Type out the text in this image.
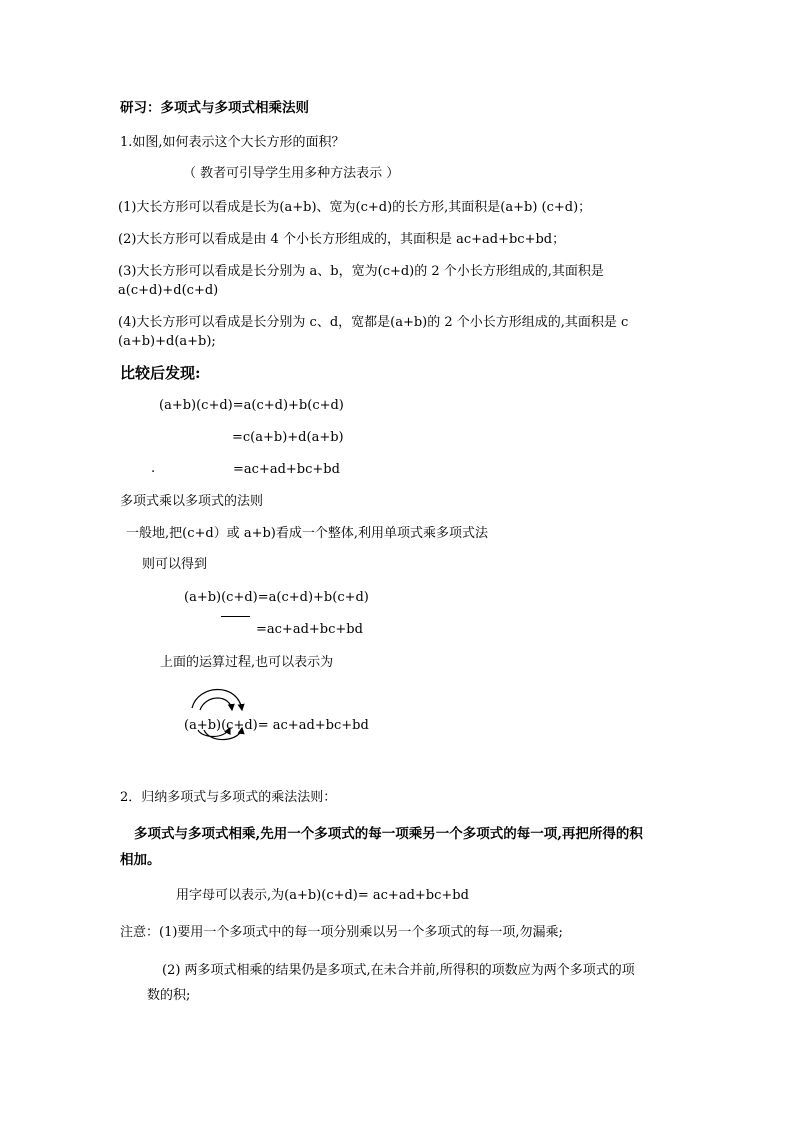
研习：多项式与多项式相乘法则
1.如图,如何表示这个大长方形的面积？
（ 教者可引导学生用多种方法表示 ）
(1)大长方形可以看成是长为(a+b)、宽为(c+d)的长方形,其面积是(a+b) (c+d)；
(2)大长方形可以看成是由 4 个小长方形组成的，其面积是 ac+ad+bc+bd；
(3)大长方形可以看成是长分别为 a、b，宽为(c+d)的 2 个小长方形组成的,其面积是
a(c+d)+d(c+d)
(4)大长方形可以看成是长分别为 c、d，宽都是(a+b)的 2 个小长方形组成的,其面积是 c
(a+b)+d(a+b);
比较后发现:
(a+b)(c+d)=a(c+d)+b(c+d)
=c(a+b)+d(a+b)
.	=ac+ad+bc+bd
多项式乘以多项式的法则
一般地,把(c+d）或 a+b)看成一个整体,利用单项式乘多项式法
则可以得到
(a+b)(c+d)=a(c+d)+b(c+d)
=ac+ad+bc+bd
上面的运算过程,也可以表示为
(a+b)(c+d)= ac+ad+bc+bd
2．归纳多项式与多项式的乘法法则：
多项式与多项式相乘,先用一个多项式的每一项乘另一个多项式的每一项,再把所得的积
相加。
用字母可以表示,为(a+b)(c+d)= ac+ad+bc+bd
注意：(1)要用一个多项式中的每一项分别乘以另一个多项式的每一项,勿漏乘;
(2) 两多项式相乘的结果仍是多项式,在未合并前,所得积的项数应为两个多项式的项
数的积;
